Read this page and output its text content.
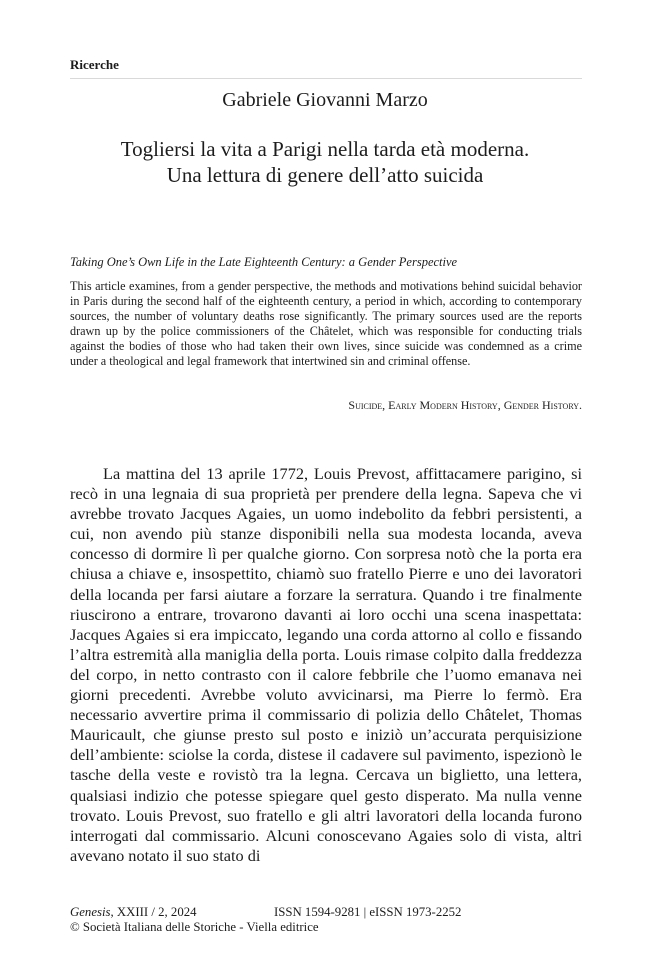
Ricerche
Gabriele Giovanni Marzo
Togliersi la vita a Parigi nella tarda età moderna.
Una lettura di genere dell’atto suicida
Taking One’s Own Life in the Late Eighteenth Century: a Gender Perspective

This article examines, from a gender perspective, the methods and motivations behind suicidal behavior in Paris during the second half of the eighteenth century, a period in which, according to contemporary sources, the number of voluntary deaths rose significantly. The primary sources used are the reports drawn up by the police commissioners of the Châtelet, which was responsible for conducting trials against the bodies of those who had taken their own lives, since suicide was condemned as a crime under a theological and legal framework that intertwined sin and criminal offense.

Suicide, Early Modern History, Gender History.

La mattina del 13 aprile 1772, Louis Prevost, affittacamere parigino, si recò in una legnaia di sua proprietà per prendere della legna. Sapeva che vi avrebbe trovato Jacques Agaies, un uomo indebolito da febbri persistenti, a cui, non avendo più stanze disponibili nella sua modesta locanda, aveva concesso di dormire lì per qualche giorno. Con sorpresa notò che la porta era chiusa a chiave e, insospettito, chiamò suo fratello Pierre e uno dei lavoratori della locanda per farsi aiutare a forzare la serratura. Quando i tre finalmente riuscirono a entrare, trovarono davanti ai loro occhi una scena inaspettata: Jacques Agaies si era impiccato, legando una corda attorno al collo e fissando l’altra estremità alla maniglia della porta. Louis rimase colpito dalla freddezza del corpo, in netto contrasto con il calore febbrile che l’uomo emanava nei giorni precedenti. Avrebbe voluto avvicinarsi, ma Pierre lo fermò. Era necessario avvertire prima il commissario di polizia dello Châtelet, Thomas Mauricault, che giunse presto sul posto e iniziò un’accurata perquisizione dell’ambiente: sciolse la corda, distese il cadavere sul pavimento, ispezionò le tasche della veste e rovistò tra la legna. Cercava un biglietto, una lettera, qualsiasi indizio che potesse spiegare quel gesto disperato. Ma nulla venne trovato. Louis Prevost, suo fratello e gli altri lavoratori della locanda furono interrogati dal commissario. Alcuni conoscevano Agaies solo di vista, altri avevano notato il suo stato di

Genesis, XXIII / 2, 2024	ISSN 1594-9281 | eISSN 1973-2252
© Società Italiana delle Storiche - Viella editrice
